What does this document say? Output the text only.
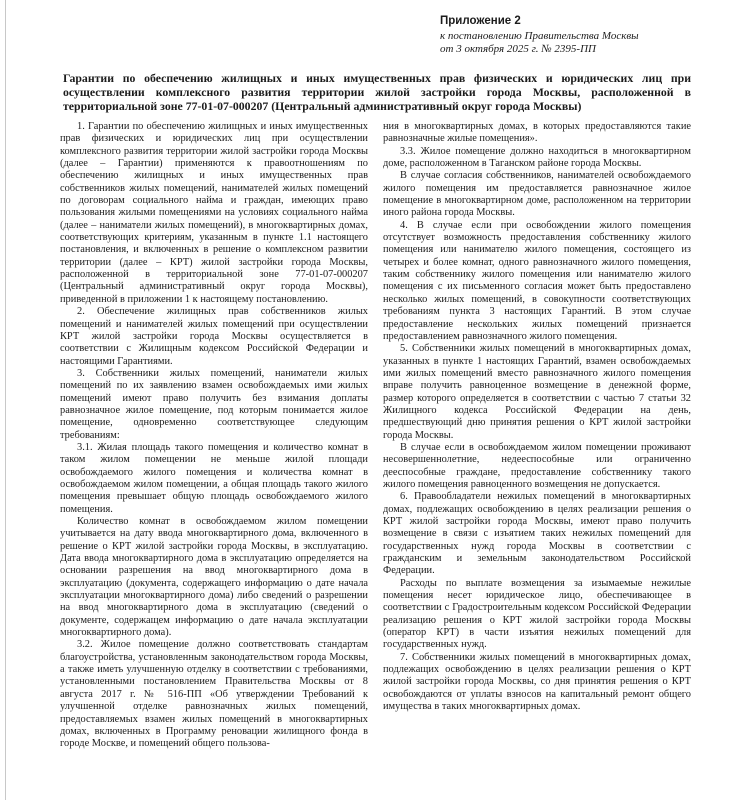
Приложение 2
к постановлению Правительства Москвы
от 3 октября 2025 г. № 2395-ПП
Гарантии по обеспечению жилищных и иных имущественных прав физических и юридических лиц при осуществлении комплексного развития территории жилой застройки города Москвы, расположенной в территориальной зоне 77-01-07-000207 (Центральный административный округ города Москвы)

1. Гарантии по обеспечению жилищных и иных имущественных прав физических и юридических лиц при осуществлении комплексного развития территории жилой застройки города Москвы (далее – Гарантии) применяются к правоотношениям по обеспечению жилищных и иных имущественных прав собственников жилых помещений, нанимателей жилых помещений по договорам социального найма и граждан, имеющих право пользования жилыми помещениями на условиях социального найма (далее – наниматели жилых помещений), в многоквартирных домах, соответствующих критериям, указанным в пункте 1.1 настоящего постановления, и включенных в решение о комплексном развитии территории (далее – КРТ) жилой застройки города Москвы, расположенной в территориальной зоне 77-01-07-000207 (Центральный административный округ города Москвы), приведенной в приложении 1 к настоящему постановлению.

2. Обеспечение жилищных прав собственников жилых помещений и нанимателей жилых помещений при осуществлении КРТ жилой застройки города Москвы осуществляется в соответствии с Жилищным кодексом Российской Федерации и настоящими Гарантиями.

3. Собственники жилых помещений, наниматели жилых помещений по их заявлению взамен освобождаемых ими жилых помещений имеют право получить без взимания доплаты равнозначное жилое помещение, под которым понимается жилое помещение, одновременно соответствующее следующим требованиям:

3.1. Жилая площадь такого помещения и количество комнат в таком жилом помещении не меньше жилой площади освобождаемого жилого помещения и количества комнат в освобождаемом жилом помещении, а общая площадь такого жилого помещения превышает общую площадь освобождаемого жилого помещения.

Количество комнат в освобождаемом жилом помещении учитывается на дату ввода многоквартирного дома, включенного в решение о КРТ жилой застройки города Москвы, в эксплуатацию. Дата ввода многоквартирного дома в эксплуатацию определяется на основании разрешения на ввод многоквартирного дома в эксплуатацию (документа, содержащего информацию о дате начала эксплуатации многоквартирного дома) либо сведений о разрешении на ввод многоквартирного дома в эксплуатацию (сведений о документе, содержащем информацию о дате начала эксплуатации многоквартирного дома).

3.2. Жилое помещение должно соответствовать стандартам благоустройства, установленным законодательством города Москвы, а также иметь улучшенную отделку в соответствии с требованиями, установленными постановлением Правительства Москвы от 8 августа 2017 г. № 516-ПП «Об утверждении Требований к улучшенной отделке равнозначных жилых помещений, предоставляемых взамен жилых помещений в многоквартирных домах, включенных в Программу реновации жилищного фонда в городе Москве, и помещений общего пользова-

ния в многоквартирных домах, в которых предоставляются такие равнозначные жилые помещения».

3.3. Жилое помещение должно находиться в многоквартирном доме, расположенном в Таганском районе города Москвы.

В случае согласия собственников, нанимателей освобождаемого жилого помещения им предоставляется равнозначное жилое помещение в многоквартирном доме, расположенном на территории иного района города Москвы.

4. В случае если при освобождении жилого помещения отсутствует возможность предоставления собственнику жилого помещения или нанимателю жилого помещения, состоящего из четырех и более комнат, одного равнозначного жилого помещения, таким собственнику жилого помещения или нанимателю жилого помещения с их письменного согласия может быть предоставлено несколько жилых помещений, в совокупности соответствующих требованиям пункта 3 настоящих Гарантий. В этом случае предоставление нескольких жилых помещений признается предоставлением равнозначного жилого помещения.

5. Собственники жилых помещений в многоквартирных домах, указанных в пункте 1 настоящих Гарантий, взамен освобождаемых ими жилых помещений вместо равнозначного жилого помещения вправе получить равноценное возмещение в денежной форме, размер которого определяется в соответствии с частью 7 статьи 32 Жилищного кодекса Российской Федерации на день, предшествующий дню принятия решения о КРТ жилой застройки города Москвы.

В случае если в освобождаемом жилом помещении проживают несовершеннолетние, недееспособные или ограниченно дееспособные граждане, предоставление собственнику такого жилого помещения равноценного возмещения не допускается.

6. Правообладатели нежилых помещений в многоквартирных домах, подлежащих освобождению в целях реализации решения о КРТ жилой застройки города Москвы, имеют право получить возмещение в связи с изъятием таких нежилых помещений для государственных нужд города Москвы в соответствии с гражданским и земельным законодательством Российской Федерации.

Расходы по выплате возмещения за изымаемые нежилые помещения несет юридическое лицо, обеспечивающее в соответствии с Градостроительным кодексом Российской Федерации реализацию решения о КРТ жилой застройки города Москвы (оператор КРТ) в части изъятия нежилых помещений для государственных нужд.

7. Собственники жилых помещений в многоквартирных домах, подлежащих освобождению в целях реализации решения о КРТ жилой застройки города Москвы, со дня принятия решения о КРТ освобождаются от уплаты взносов на капитальный ремонт общего имущества в таких многоквартирных домах.
